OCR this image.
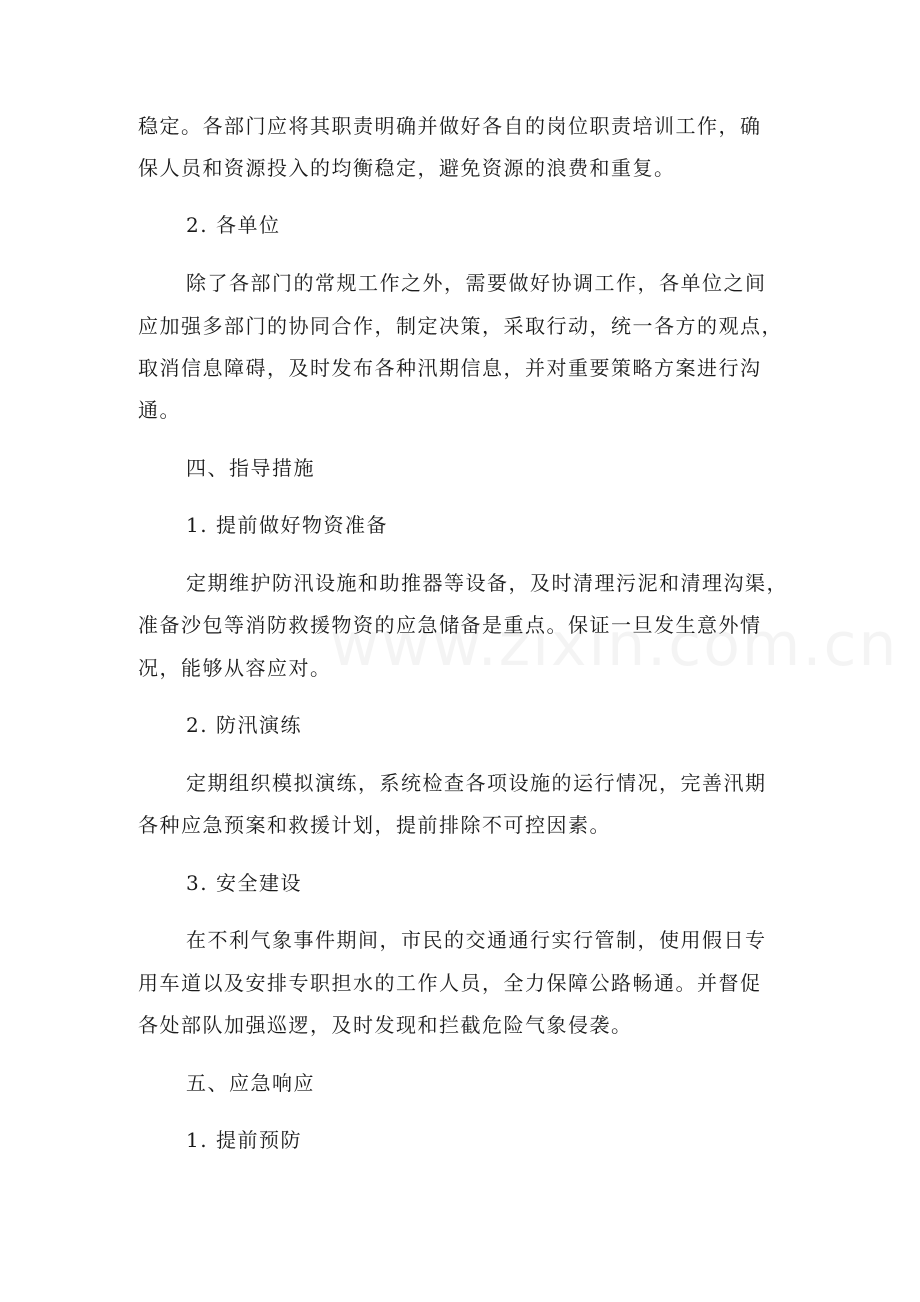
稳定。各部门应将其职责明确并做好各自的岗位职责培训工作，确

保人员和资源投入的均衡稳定，避免资源的浪费和重复。

2. 各单位

除了各部门的常规工作之外，需要做好协调工作，各单位之间

应加强多部门的协同合作，制定决策，采取行动，统一各方的观点，

取消信息障碍，及时发布各种汛期信息，并对重要策略方案进行沟

通。

四、指导措施

1. 提前做好物资准备

定期维护防汛设施和助推器等设备，及时清理污泥和清理沟渠，

准备沙包等消防救援物资的应急储备是重点。保证一旦发生意外情

况，能够从容应对。

2. 防汛演练

定期组织模拟演练，系统检查各项设施的运行情况，完善汛期

各种应急预案和救援计划，提前排除不可控因素。

3. 安全建设

在不利气象事件期间，市民的交通通行实行管制，使用假日专

用车道以及安排专职担水的工作人员，全力保障公路畅通。并督促

各处部队加强巡逻，及时发现和拦截危险气象侵袭。

五、应急响应

1. 提前预防
